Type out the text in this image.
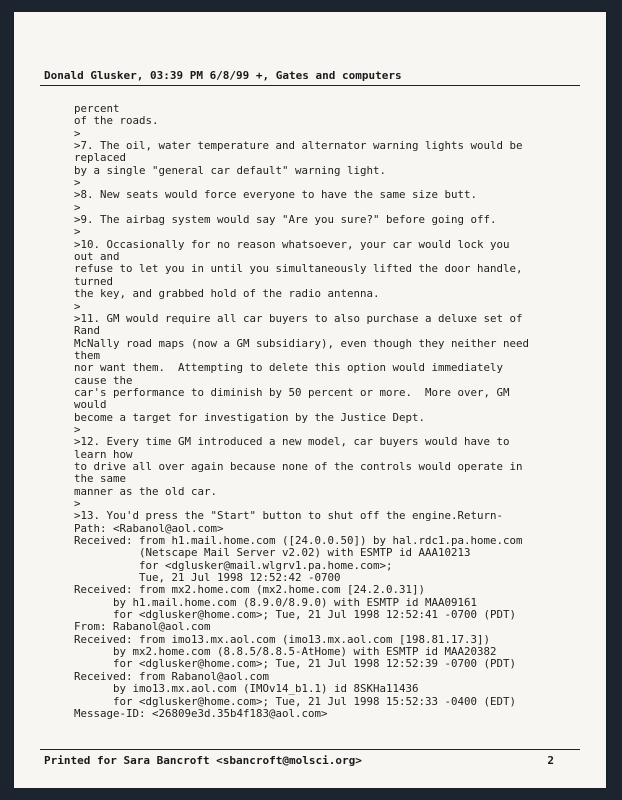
Donald Glusker, 03:39 PM 6/8/99 +, Gates and computers
percent
of the roads.
>
>7. The oil, water temperature and alternator warning lights would be
replaced
by a single "general car default" warning light.
>
>8. New seats would force everyone to have the same size butt.
>
>9. The airbag system would say "Are you sure?" before going off.
>
>10. Occasionally for no reason whatsoever, your car would lock you
out and
refuse to let you in until you simultaneously lifted the door handle,
turned
the key, and grabbed hold of the radio antenna.
>
>11. GM would require all car buyers to also purchase a deluxe set of
Rand
McNally road maps (now a GM subsidiary), even though they neither need
them
nor want them.  Attempting to delete this option would immediately
cause the
car's performance to diminish by 50 percent or more.  More over, GM
would
become a target for investigation by the Justice Dept.
>
>12. Every time GM introduced a new model, car buyers would have to
learn how
to drive all over again because none of the controls would operate in
the same
manner as the old car.
>
>13. You'd press the "Start" button to shut off the engine.Return-
Path: <Rabanol@aol.com>
Received: from h1.mail.home.com ([24.0.0.50]) by hal.rdc1.pa.home.com
(Netscape Mail Server v2.02) with ESMTP id AAA10213
for <dglusker@mail.wlgrv1.pa.home.com>;
Tue, 21 Jul 1998 12:52:42 -0700
Received: from mx2.home.com (mx2.home.com [24.2.0.31])
by h1.mail.home.com (8.9.0/8.9.0) with ESMTP id MAA09161
for <dglusker@home.com>; Tue, 21 Jul 1998 12:52:41 -0700 (PDT)
From: Rabanol@aol.com
Received: from imo13.mx.aol.com (imo13.mx.aol.com [198.81.17.3])
by mx2.home.com (8.8.5/8.8.5-AtHome) with ESMTP id MAA20382
for <dglusker@home.com>; Tue, 21 Jul 1998 12:52:39 -0700 (PDT)
Received: from Rabanol@aol.com
by imo13.mx.aol.com (IMOv14_b1.1) id 8SKHa11436
for <dglusker@home.com>; Tue, 21 Jul 1998 15:52:33 -0400 (EDT)
Message-ID: <26809e3d.35b4f183@aol.com>
Printed for Sara Bancroft <sbancroft@molsci.org>	2
